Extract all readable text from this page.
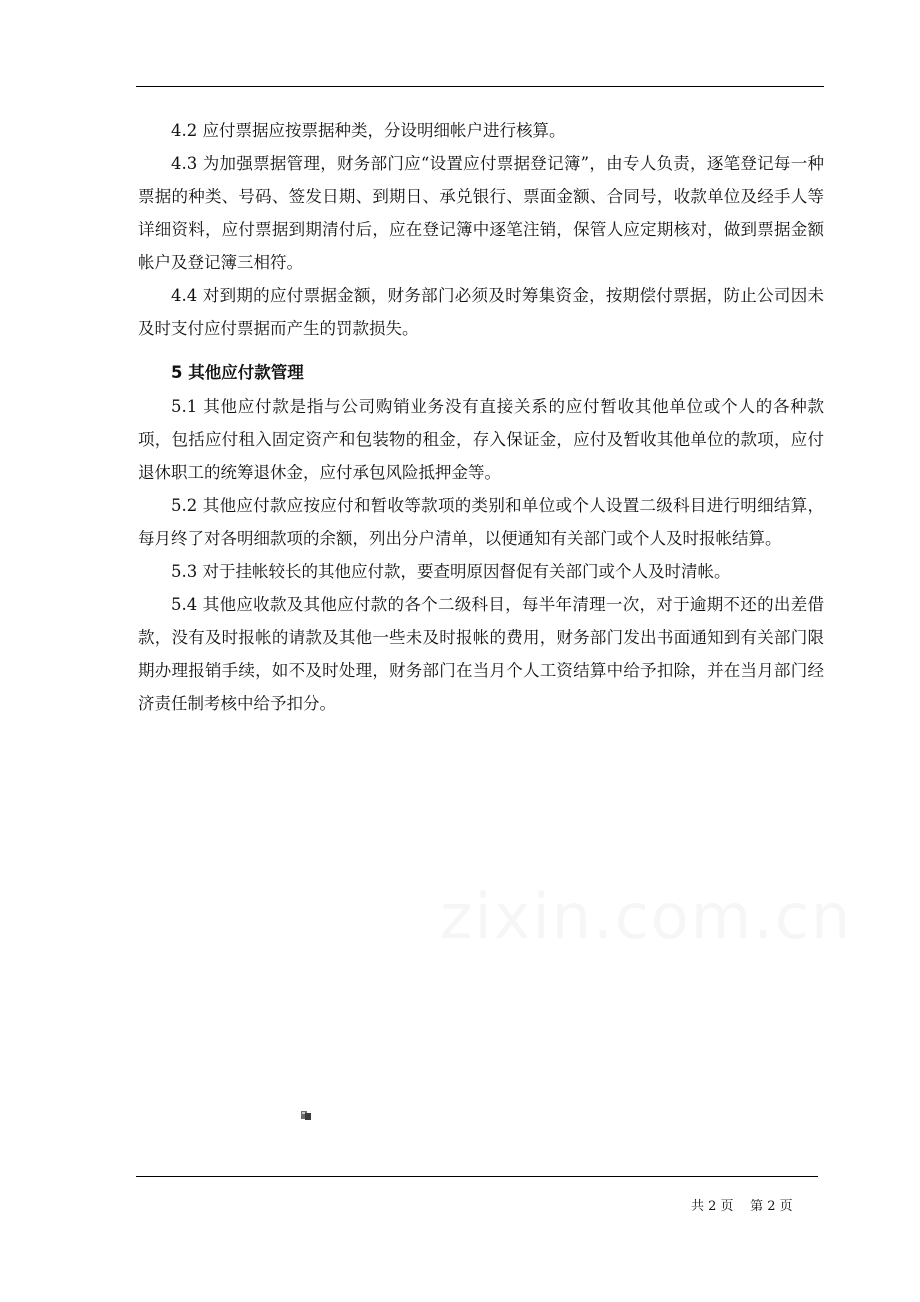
4.2 应付票据应按票据种类，分设明细帐户进行核算。

4.3 为加强票据管理，财务部门应“设置应付票据登记簿”，由专人负责，逐笔登记每一种票据的种类、号码、签发日期、到期日、承兑银行、票面金额、合同号，收款单位及经手人等详细资料，应付票据到期清付后，应在登记簿中逐笔注销，保管人应定期核对，做到票据金额帐户及登记簿三相符。

4.4 对到期的应付票据金额，财务部门必须及时筹集资金，按期偿付票据，防止公司因未及时支付应付票据而产生的罚款损失。

5 其他应付款管理

5.1 其他应付款是指与公司购销业务没有直接关系的应付暂收其他单位或个人的各种款项，包括应付租入固定资产和包装物的租金，存入保证金，应付及暂收其他单位的款项，应付退休职工的统筹退休金，应付承包风险抵押金等。

5.2 其他应付款应按应付和暂收等款项的类别和单位或个人设置二级科目进行明细结算，每月终了对各明细款项的余额，列出分户清单，以便通知有关部门或个人及时报帐结算。

5.3 对于挂帐较长的其他应付款，要查明原因督促有关部门或个人及时清帐。

5.4 其他应收款及其他应付款的各个二级科目，每半年清理一次，对于逾期不还的出差借款，没有及时报帐的请款及其他一些未及时报帐的费用，财务部门发出书面通知到有关部门限期办理报销手续，如不及时处理，财务部门在当月个人工资结算中给予扣除，并在当月部门经济责任制考核中给予扣分。

共 2 页    第 2 页
